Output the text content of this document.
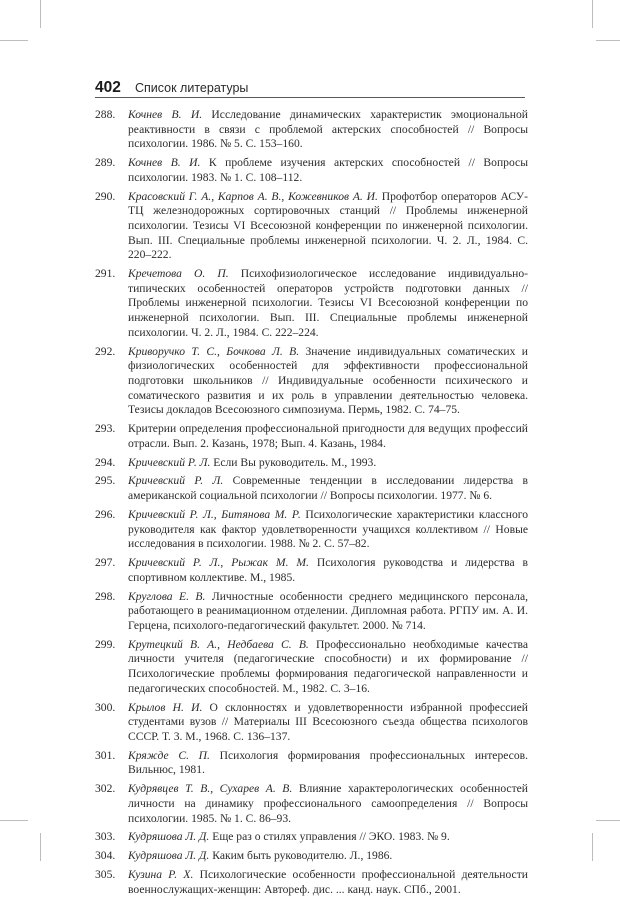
402 Список литературы
288. Кочнев В. И. Исследование динамических характеристик эмоциональной реактивности в связи с проблемой актерских способностей // Вопросы психологии. 1986. № 5. С. 153–160.
289. Кочнев В. И. К проблеме изучения актерских способностей // Вопросы психологии. 1983. № 1. С. 108–112.
290. Красовский Г. А., Карпов А. В., Кожевников А. И. Профотбор операторов АСУ-ТЦ железнодорожных сортировочных станций // Проблемы инженерной психологии. Тезисы VI Всесоюзной конференции по инженерной психологии. Вып. III. Специальные проблемы инженерной психологии. Ч. 2. Л., 1984. С. 220–222.
291. Кречетова О. П. Психофизиологическое исследование индивидуально-типических особенностей операторов устройств подготовки данных // Проблемы инженерной психологии. Тезисы VI Всесоюзной конференции по инженерной психологии. Вып. III. Специальные проблемы инженерной психологии. Ч. 2. Л., 1984. С. 222–224.
292. Криворучко Т. С., Бочкова Л. В. Значение индивидуальных соматических и физиологических особенностей для эффективности профессиональной подготовки школьников // Индивидуальные особенности психического и соматического развития и их роль в управлении деятельностью человека. Тезисы докладов Всесоюзного симпозиума. Пермь, 1982. С. 74–75.
293. Критерии определения профессиональной пригодности для ведущих профессий отрасли. Вып. 2. Казань, 1978; Вып. 4. Казань, 1984.
294. Кричевский Р. Л. Если Вы руководитель. М., 1993.
295. Кричевский Р. Л. Современные тенденции в исследовании лидерства в американской социальной психологии // Вопросы психологии. 1977. № 6.
296. Кричевский Р. Л., Битянова М. Р. Психологические характеристики классного руководителя как фактор удовлетворенности учащихся коллективом // Новые исследования в психологии. 1988. № 2. С. 57–82.
297. Кричевский Р. Л., Рыжак М. М. Психология руководства и лидерства в спортивном коллективе. М., 1985.
298. Круглова Е. В. Личностные особенности среднего медицинского персонала, работающего в реанимационном отделении. Дипломная работа. РГПУ им. А. И. Герцена, психолого-педагогический факультет. 2000. № 714.
299. Крутецкий В. А., Недбаева С. В. Профессионально необходимые качества личности учителя (педагогические способности) и их формирование // Психологические проблемы формирования педагогической направленности и педагогических способностей. М., 1982. С. 3–16.
300. Крылов Н. И. О склонностях и удовлетворенности избранной профессией студентами вузов // Материалы III Всесоюзного съезда общества психологов СССР. Т. 3. М., 1968. С. 136–137.
301. Кряжде С. П. Психология формирования профессиональных интересов. Вильнюс, 1981.
302. Кудрявцев Т. В., Сухарев А. В. Влияние характерологических особенностей личности на динамику профессионального самоопределения // Вопросы психологии. 1985. № 1. С. 86–93.
303. Кудряшова Л. Д. Еще раз о стилях управления // ЭКО. 1983. № 9.
304. Кудряшова Л. Д. Каким быть руководителю. Л., 1986.
305. Кузина Р. Х. Психологические особенности профессиональной деятельности военнослужащих-женщин: Автореф. дис. ... канд. наук. СПб., 2001.
